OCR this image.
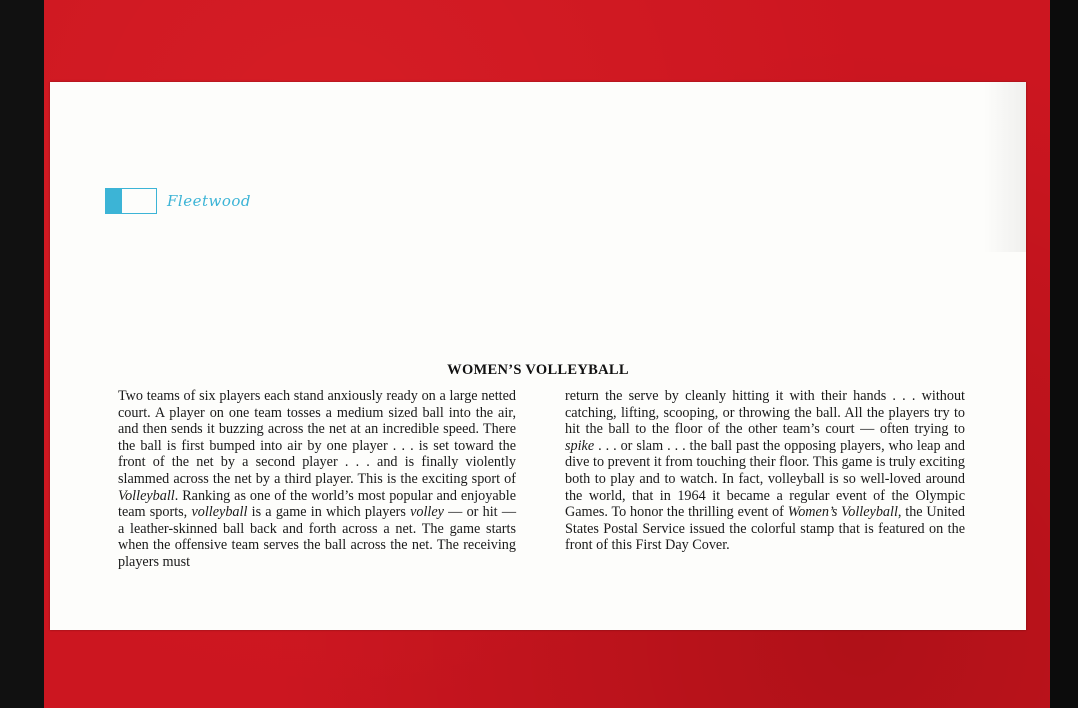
Fleetwood
WOMEN’S VOLLEYBALL

Two teams of six players each stand anxiously ready on a large netted court. A player on one team tosses a medium sized ball into the air, and then sends it buzzing across the net at an incredible speed. There the ball is first bumped into air by one player . . . is set toward the front of the net by a second player . . . and is finally violently slammed across the net by a third player. This is the exciting sport of Volleyball. Ranking as one of the world’s most popular and enjoyable team sports, volleyball is a game in which players volley — or hit — a leather-skinned ball back and forth across a net. The game starts when the offensive team serves the ball across the net. The receiving players must

return the serve by cleanly hitting it with their hands . . . without catching, lifting, scooping, or throwing the ball. All the players try to hit the ball to the floor of the other team’s court — often trying to spike . . . or slam . . . the ball past the opposing players, who leap and dive to prevent it from touching their floor. This game is truly exciting both to play and to watch. In fact, volleyball is so well-loved around the world, that in 1964 it became a regular event of the Olympic Games. To honor the thrilling event of Women’s Volleyball, the United States Postal Service issued the colorful stamp that is featured on the front of this First Day Cover.
